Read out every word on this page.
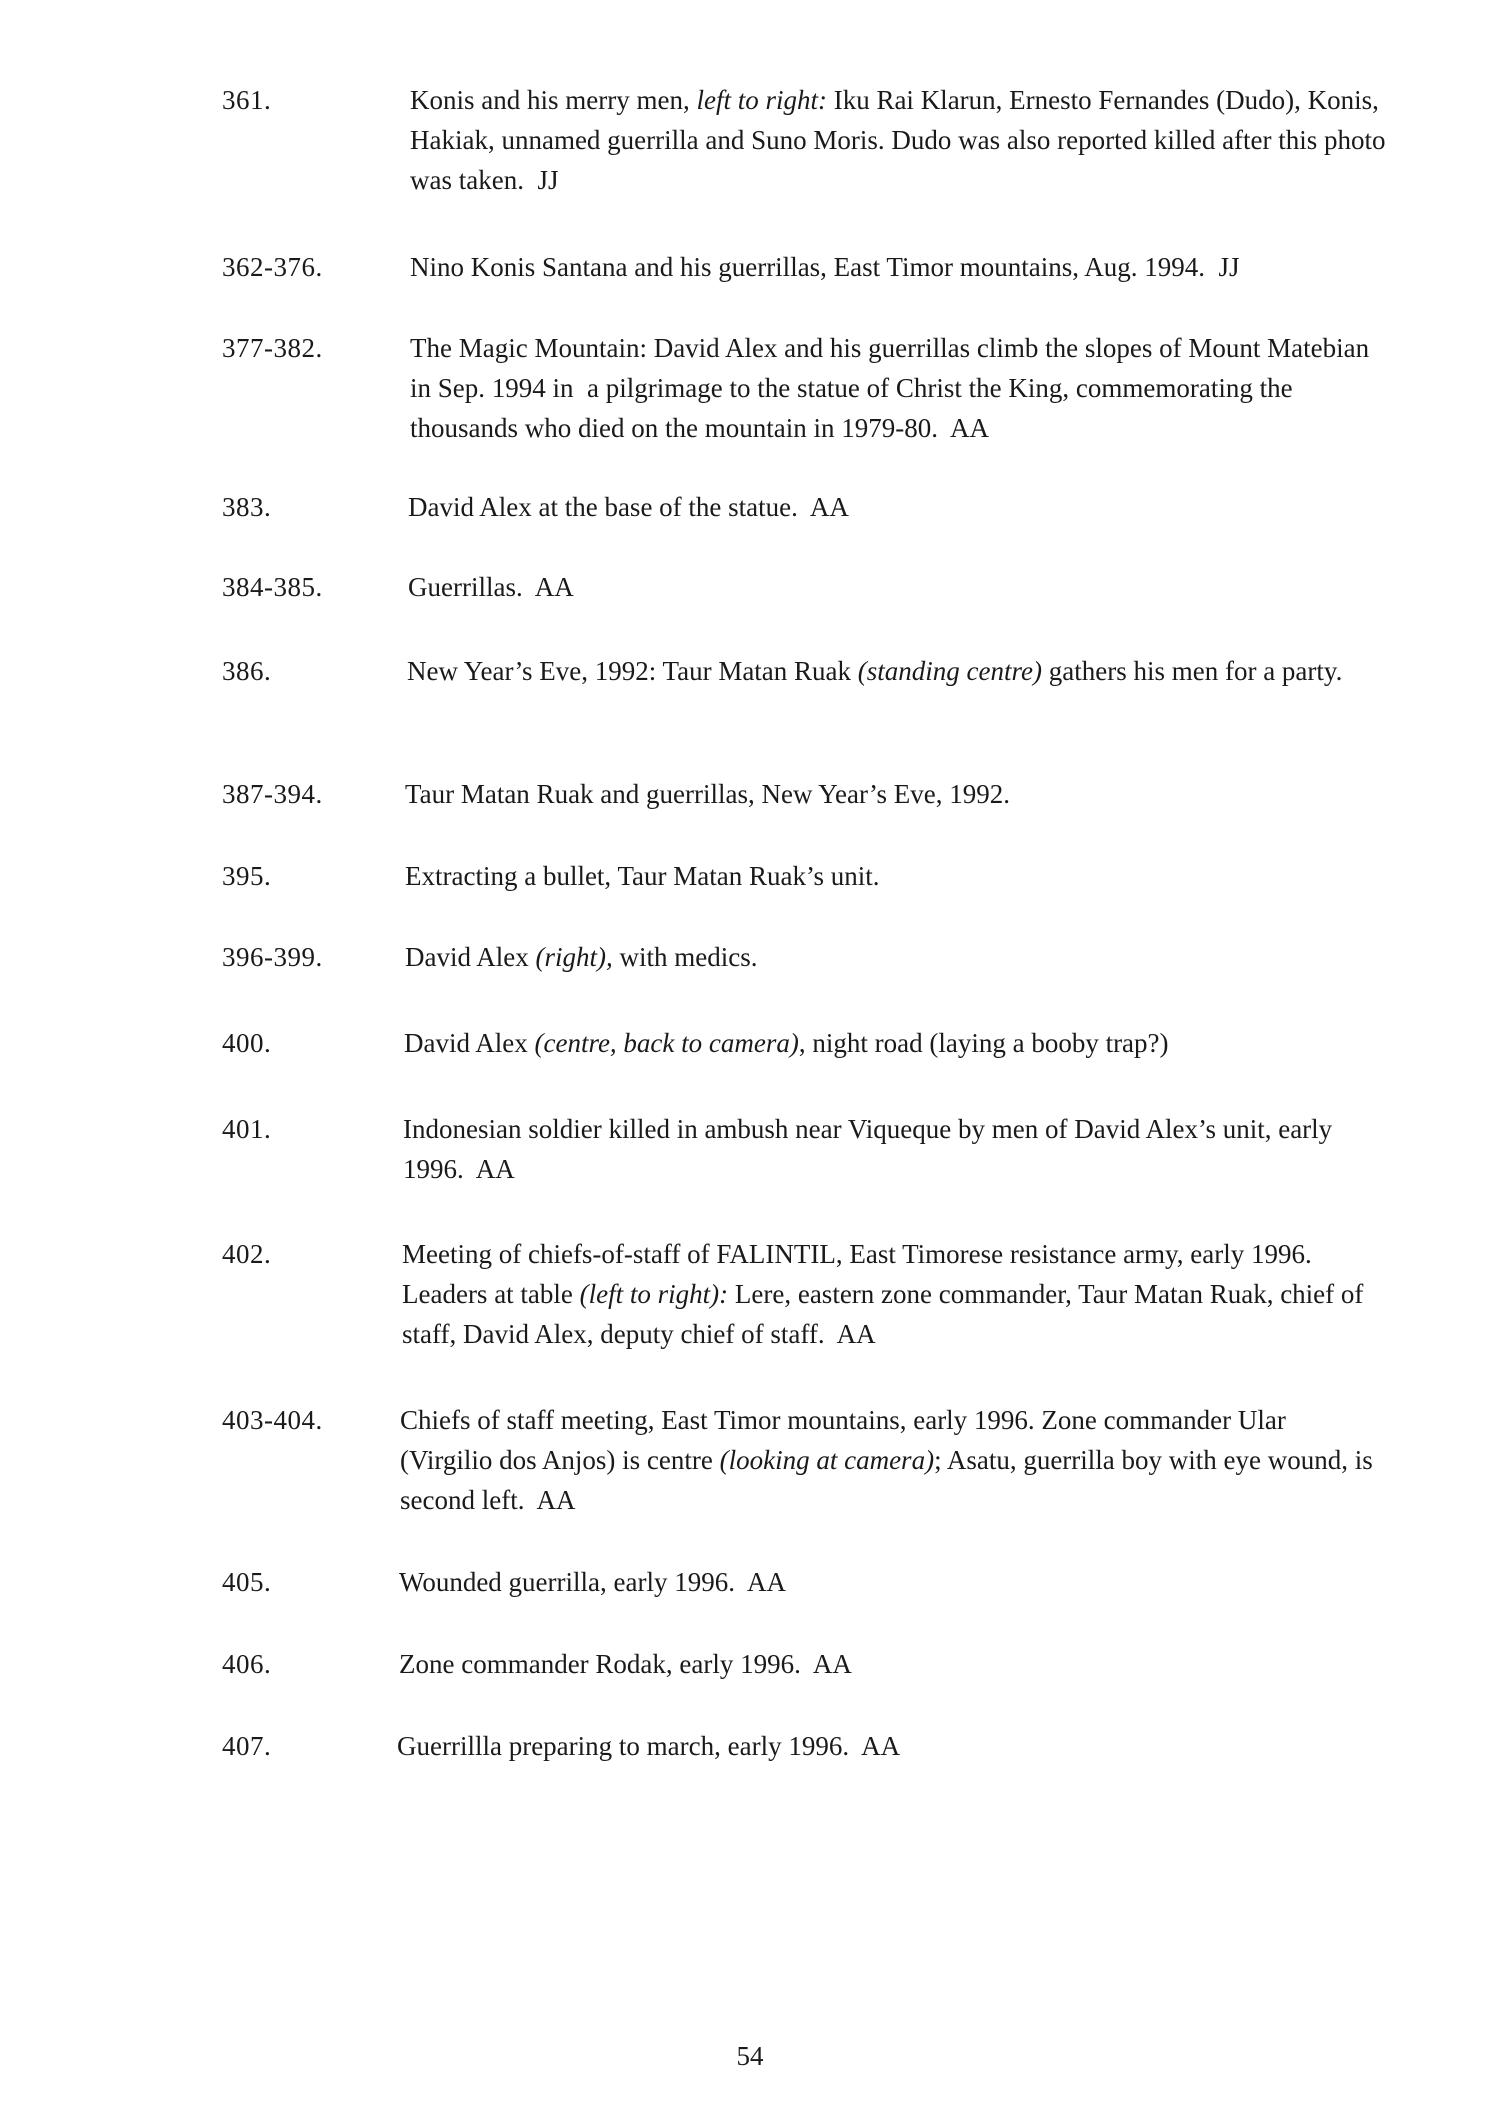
361.	Konis and his merry men, left to right: Iku Rai Klarun, Ernesto Fernandes (Dudo), Konis, Hakiak, unnamed guerrilla and Suno Moris. Dudo was also reported killed after this photo was taken.  JJ
362-376.	Nino Konis Santana and his guerrillas, East Timor mountains, Aug. 1994.  JJ
377-382.	The Magic Mountain: David Alex and his guerrillas climb the slopes of Mount Matebian in Sep. 1994 in  a pilgrimage to the statue of Christ the King, commemorating the thousands who died on the mountain in 1979-80.  AA
383.	David Alex at the base of the statue.  AA
384-385.	Guerrillas.  AA
386.	New Year’s Eve, 1992: Taur Matan Ruak (standing centre) gathers his men for a party.
387-394.	Taur Matan Ruak and guerrillas, New Year’s Eve, 1992.
395.	Extracting a bullet, Taur Matan Ruak’s unit.
396-399.	David Alex (right), with medics.
400.	David Alex (centre, back to camera), night road (laying a booby trap?)
401.	Indonesian soldier killed in ambush near Viqueque by men of David Alex’s unit, early 1996.  AA
402.	Meeting of chiefs-of-staff of FALINTIL, East Timorese resistance army, early 1996. Leaders at table (left to right): Lere, eastern zone commander, Taur Matan Ruak, chief of staff, David Alex, deputy chief of staff.  AA
403-404.	Chiefs of staff meeting, East Timor mountains, early 1996. Zone commander Ular (Virgilio dos Anjos) is centre (looking at camera); Asatu, guerrilla boy with eye wound, is second left.  AA
405.	Wounded guerrilla, early 1996.  AA
406.	Zone commander Rodak, early 1996.  AA
407.	Guerrillla preparing to march, early 1996.  AA
54
